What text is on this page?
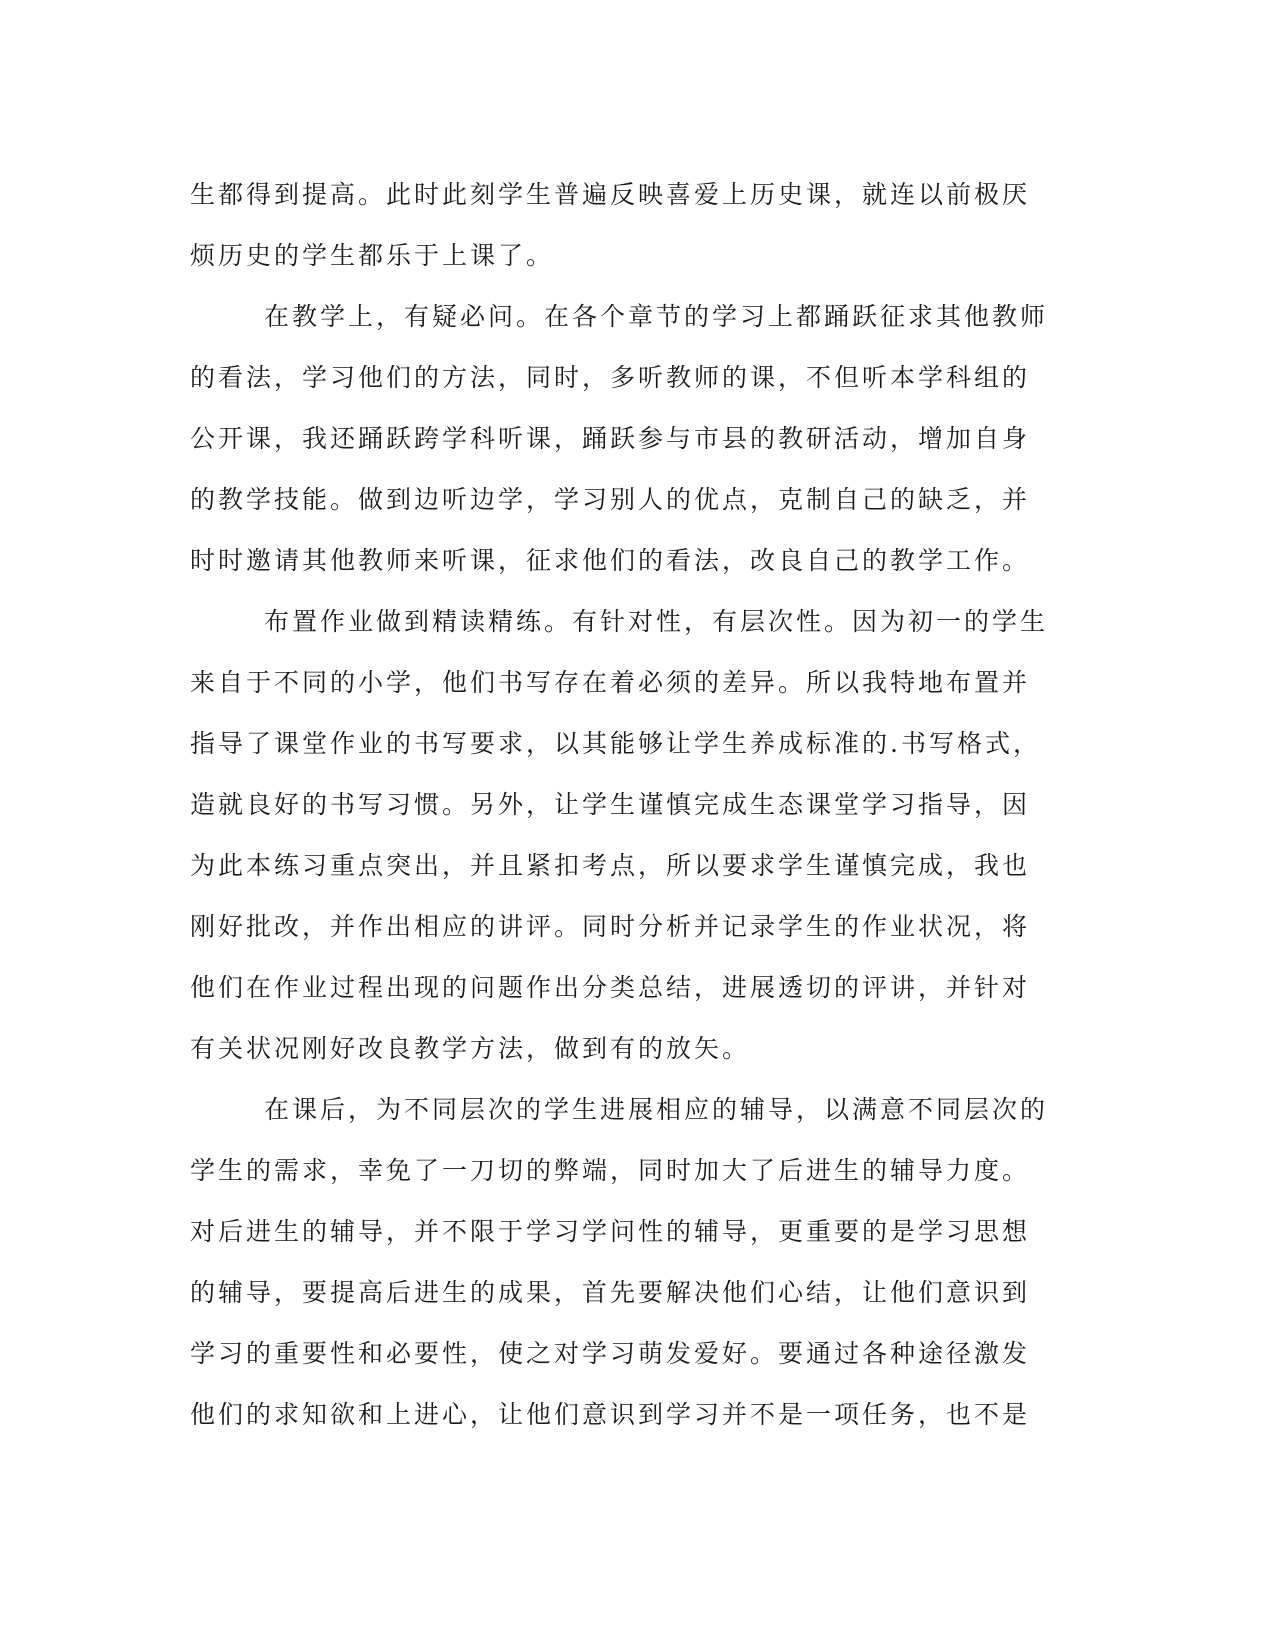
生都得到提高。此时此刻学生普遍反映喜爱上历史课，就连以前极厌
烦历史的学生都乐于上课了。
在教学上，有疑必问。在各个章节的学习上都踊跃征求其他教师
的看法，学习他们的方法，同时，多听教师的课，不但听本学科组的
公开课，我还踊跃跨学科听课，踊跃参与市县的教研活动，增加自身
的教学技能。做到边听边学，学习别人的优点，克制自己的缺乏，并
时时邀请其他教师来听课，征求他们的看法，改良自己的教学工作。
布置作业做到精读精练。有针对性，有层次性。因为初一的学生
来自于不同的小学，他们书写存在着必须的差异。所以我特地布置并
指导了课堂作业的书写要求，以其能够让学生养成标准的.书写格式，
造就良好的书写习惯。另外，让学生谨慎完成生态课堂学习指导，因
为此本练习重点突出，并且紧扣考点，所以要求学生谨慎完成，我也
刚好批改，并作出相应的讲评。同时分析并记录学生的作业状况，将
他们在作业过程出现的问题作出分类总结，进展透切的评讲，并针对
有关状况刚好改良教学方法，做到有的放矢。
在课后，为不同层次的学生进展相应的辅导，以满意不同层次的
学生的需求，幸免了一刀切的弊端，同时加大了后进生的辅导力度。
对后进生的辅导，并不限于学习学问性的辅导，更重要的是学习思想
的辅导，要提高后进生的成果，首先要解决他们心结，让他们意识到
学习的重要性和必要性，使之对学习萌发爱好。要通过各种途径激发
他们的求知欲和上进心，让他们意识到学习并不是一项任务，也不是
